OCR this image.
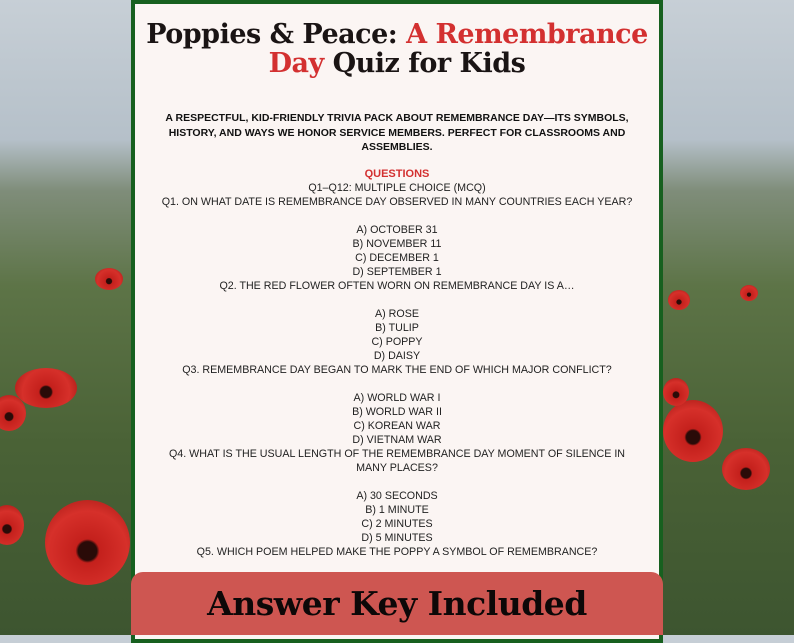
Poppies & Peace: A Remembrance
Day Quiz for Kids

A RESPECTFUL, KID-FRIENDLY TRIVIA PACK ABOUT REMEMBRANCE DAY—ITS SYMBOLS, HISTORY, AND WAYS WE HONOR SERVICE MEMBERS. PERFECT FOR CLASSROOMS AND ASSEMBLIES.

QUESTIONS
Q1–Q12: MULTIPLE CHOICE (MCQ)
Q1. ON WHAT DATE IS REMEMBRANCE DAY OBSERVED IN MANY COUNTRIES EACH YEAR?
A) OCTOBER 31
B) NOVEMBER 11
C) DECEMBER 1
D) SEPTEMBER 1
Q2. THE RED FLOWER OFTEN WORN ON REMEMBRANCE DAY IS A…
A) ROSE
B) TULIP
C) POPPY
D) DAISY
Q3. REMEMBRANCE DAY BEGAN TO MARK THE END OF WHICH MAJOR CONFLICT?
A) WORLD WAR I
B) WORLD WAR II
C) KOREAN WAR
D) VIETNAM WAR
Q4. WHAT IS THE USUAL LENGTH OF THE REMEMBRANCE DAY MOMENT OF SILENCE IN MANY PLACES?
A) 30 SECONDS
B) 1 MINUTE
C) 2 MINUTES
D) 5 MINUTES
Q5. WHICH POEM HELPED MAKE THE POPPY A SYMBOL OF REMEMBRANCE?
Answer Key Included
